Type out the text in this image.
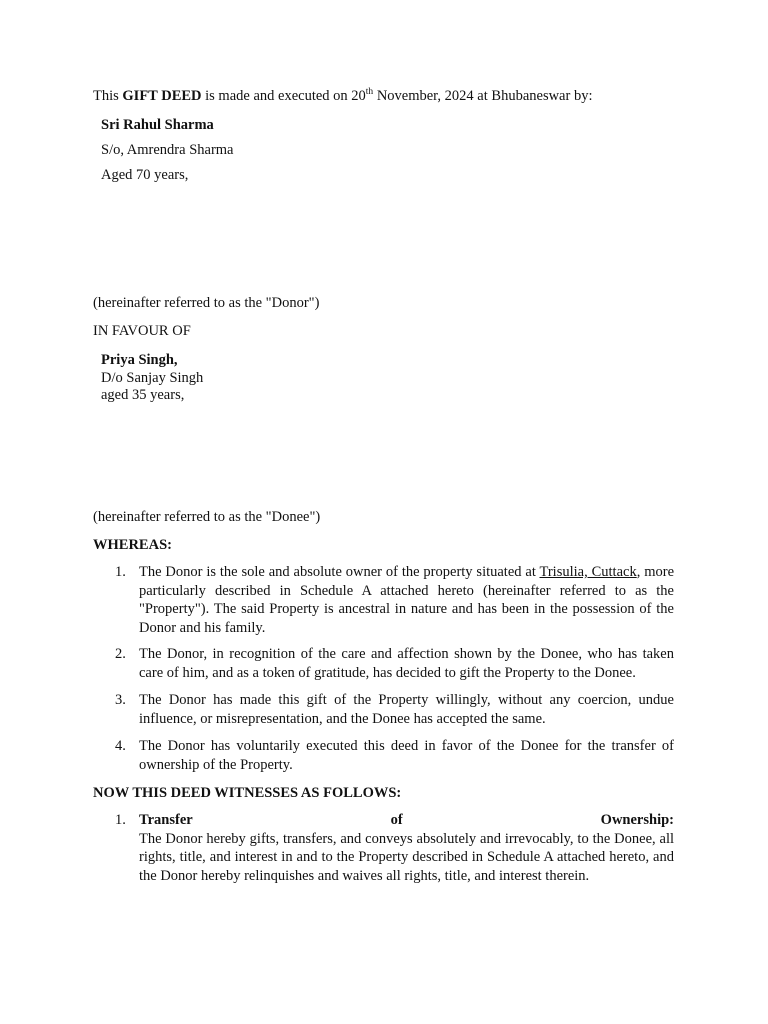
This GIFT DEED is made and executed on 20th November, 2024 at Bhubaneswar by:
Sri Rahul Sharma
S/o, Amrendra Sharma
Aged 70 years,
(hereinafter referred to as the "Donor")
IN FAVOUR OF
Priya Singh,
D/o Sanjay Singh
aged 35 years,
(hereinafter referred to as the "Donee")
WHEREAS:
1. The Donor is the sole and absolute owner of the property situated at Trisulia, Cuttack, more particularly described in Schedule A attached hereto (hereinafter referred to as the "Property"). The said Property is ancestral in nature and has been in the possession of the Donor and his family.

2. The Donor, in recognition of the care and affection shown by the Donee, who has taken care of him, and as a token of gratitude, has decided to gift the Property to the Donee.

3. The Donor has made this gift of the Property willingly, without any coercion, undue influence, or misrepresentation, and the Donee has accepted the same.

4. The Donor has voluntarily executed this deed in favor of the Donee for the transfer of ownership of the Property.

NOW THIS DEED WITNESSES AS FOLLOWS:
1. Transfer	of	Ownership:

The Donor hereby gifts, transfers, and conveys absolutely and irrevocably, to the Donee, all rights, title, and interest in and to the Property described in Schedule A attached hereto, and the Donor hereby relinquishes and waives all rights, title, and interest therein.
